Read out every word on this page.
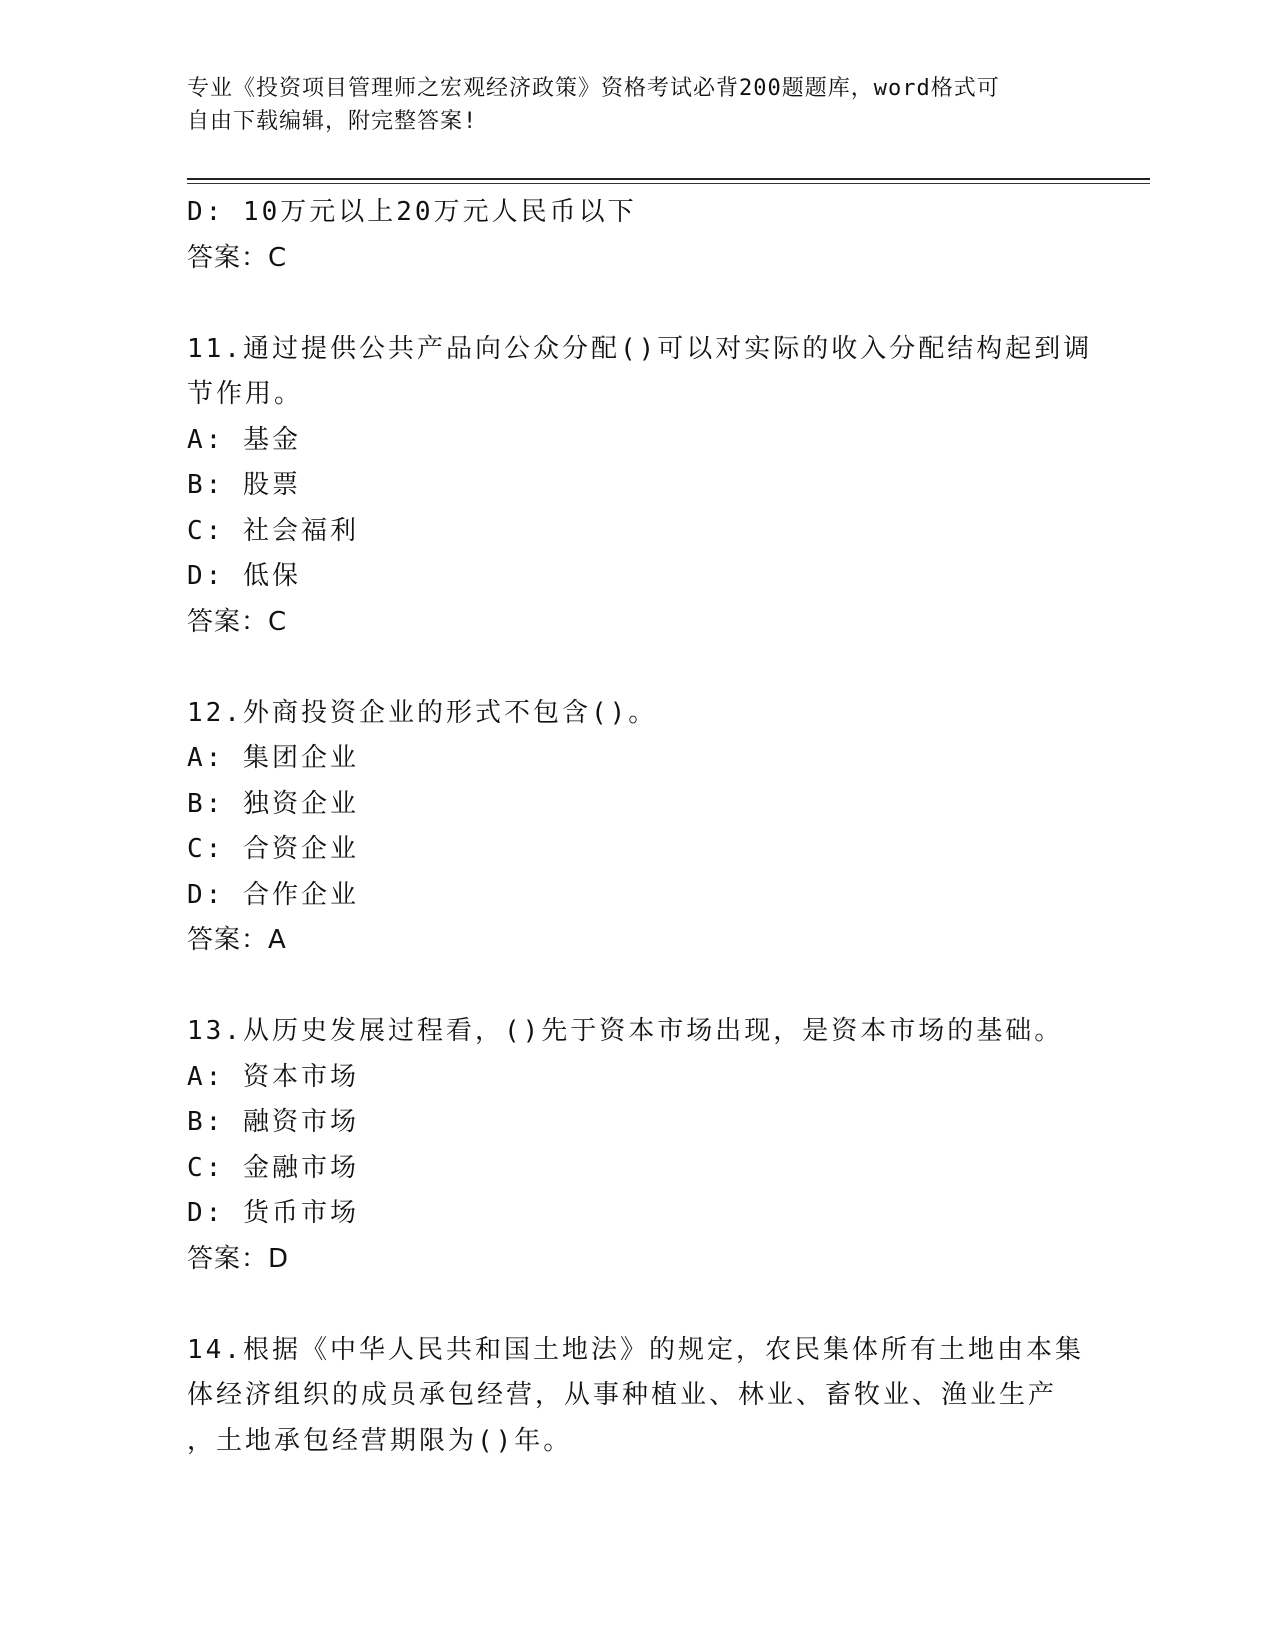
专业《投资项目管理师之宏观经济政策》资格考试必背200题题库，word格式可
自由下载编辑，附完整答案!
D: 10万元以上20万元人民币以下
答案：C
11.通过提供公共产品向公众分配()可以对实际的收入分配结构起到调
节作用。
A: 基金
B: 股票
C: 社会福利
D: 低保
答案：C
12.外商投资企业的形式不包含()。
A: 集团企业
B: 独资企业
C: 合资企业
D: 合作企业
答案：A
13.从历史发展过程看，()先于资本市场出现，是资本市场的基础。
A: 资本市场
B: 融资市场
C: 金融市场
D: 货币市场
答案：D
14.根据《中华人民共和国土地法》的规定，农民集体所有土地由本集
体经济组织的成员承包经营，从事种植业、林业、畜牧业、渔业生产
，土地承包经营期限为()年。
